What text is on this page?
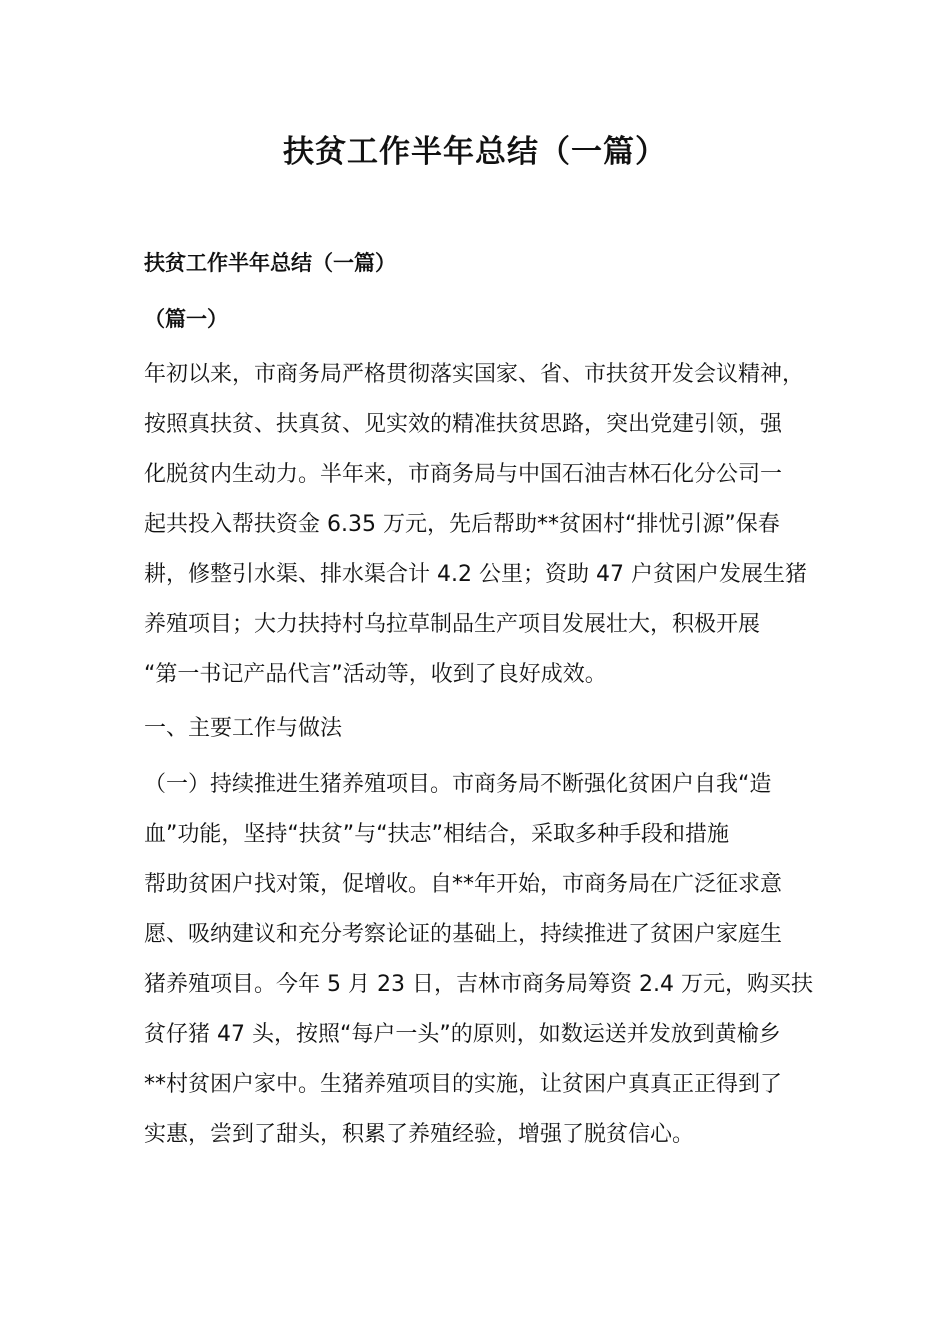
扶贫工作半年总结（一篇）
扶贫工作半年总结（一篇）
（篇一）
年初以来，市商务局严格贯彻落实国家、省、市扶贫开发会议精神，
按照真扶贫、扶真贫、见实效的精准扶贫思路，突出党建引领，强
化脱贫内生动力。半年来，市商务局与中国石油吉林石化分公司一
起共投入帮扶资金 6.35 万元，先后帮助**贫困村“排忧引源”保春
耕，修整引水渠、排水渠合计 4.2 公里；资助 47 户贫困户发展生猪
养殖项目；大力扶持村乌拉草制品生产项目发展壮大，积极开展
“第一书记产品代言”活动等，收到了良好成效。
一、主要工作与做法
（一）持续推进生猪养殖项目。市商务局不断强化贫困户自我“造
血”功能，坚持“扶贫”与“扶志”相结合，采取多种手段和措施
帮助贫困户找对策，促增收。自**年开始，市商务局在广泛征求意
愿、吸纳建议和充分考察论证的基础上，持续推进了贫困户家庭生
猪养殖项目。今年 5 月 23 日，吉林市商务局筹资 2.4 万元，购买扶
贫仔猪 47 头，按照“每户一头”的原则，如数运送并发放到黄榆乡
**村贫困户家中。生猪养殖项目的实施，让贫困户真真正正得到了
实惠，尝到了甜头，积累了养殖经验，增强了脱贫信心。
